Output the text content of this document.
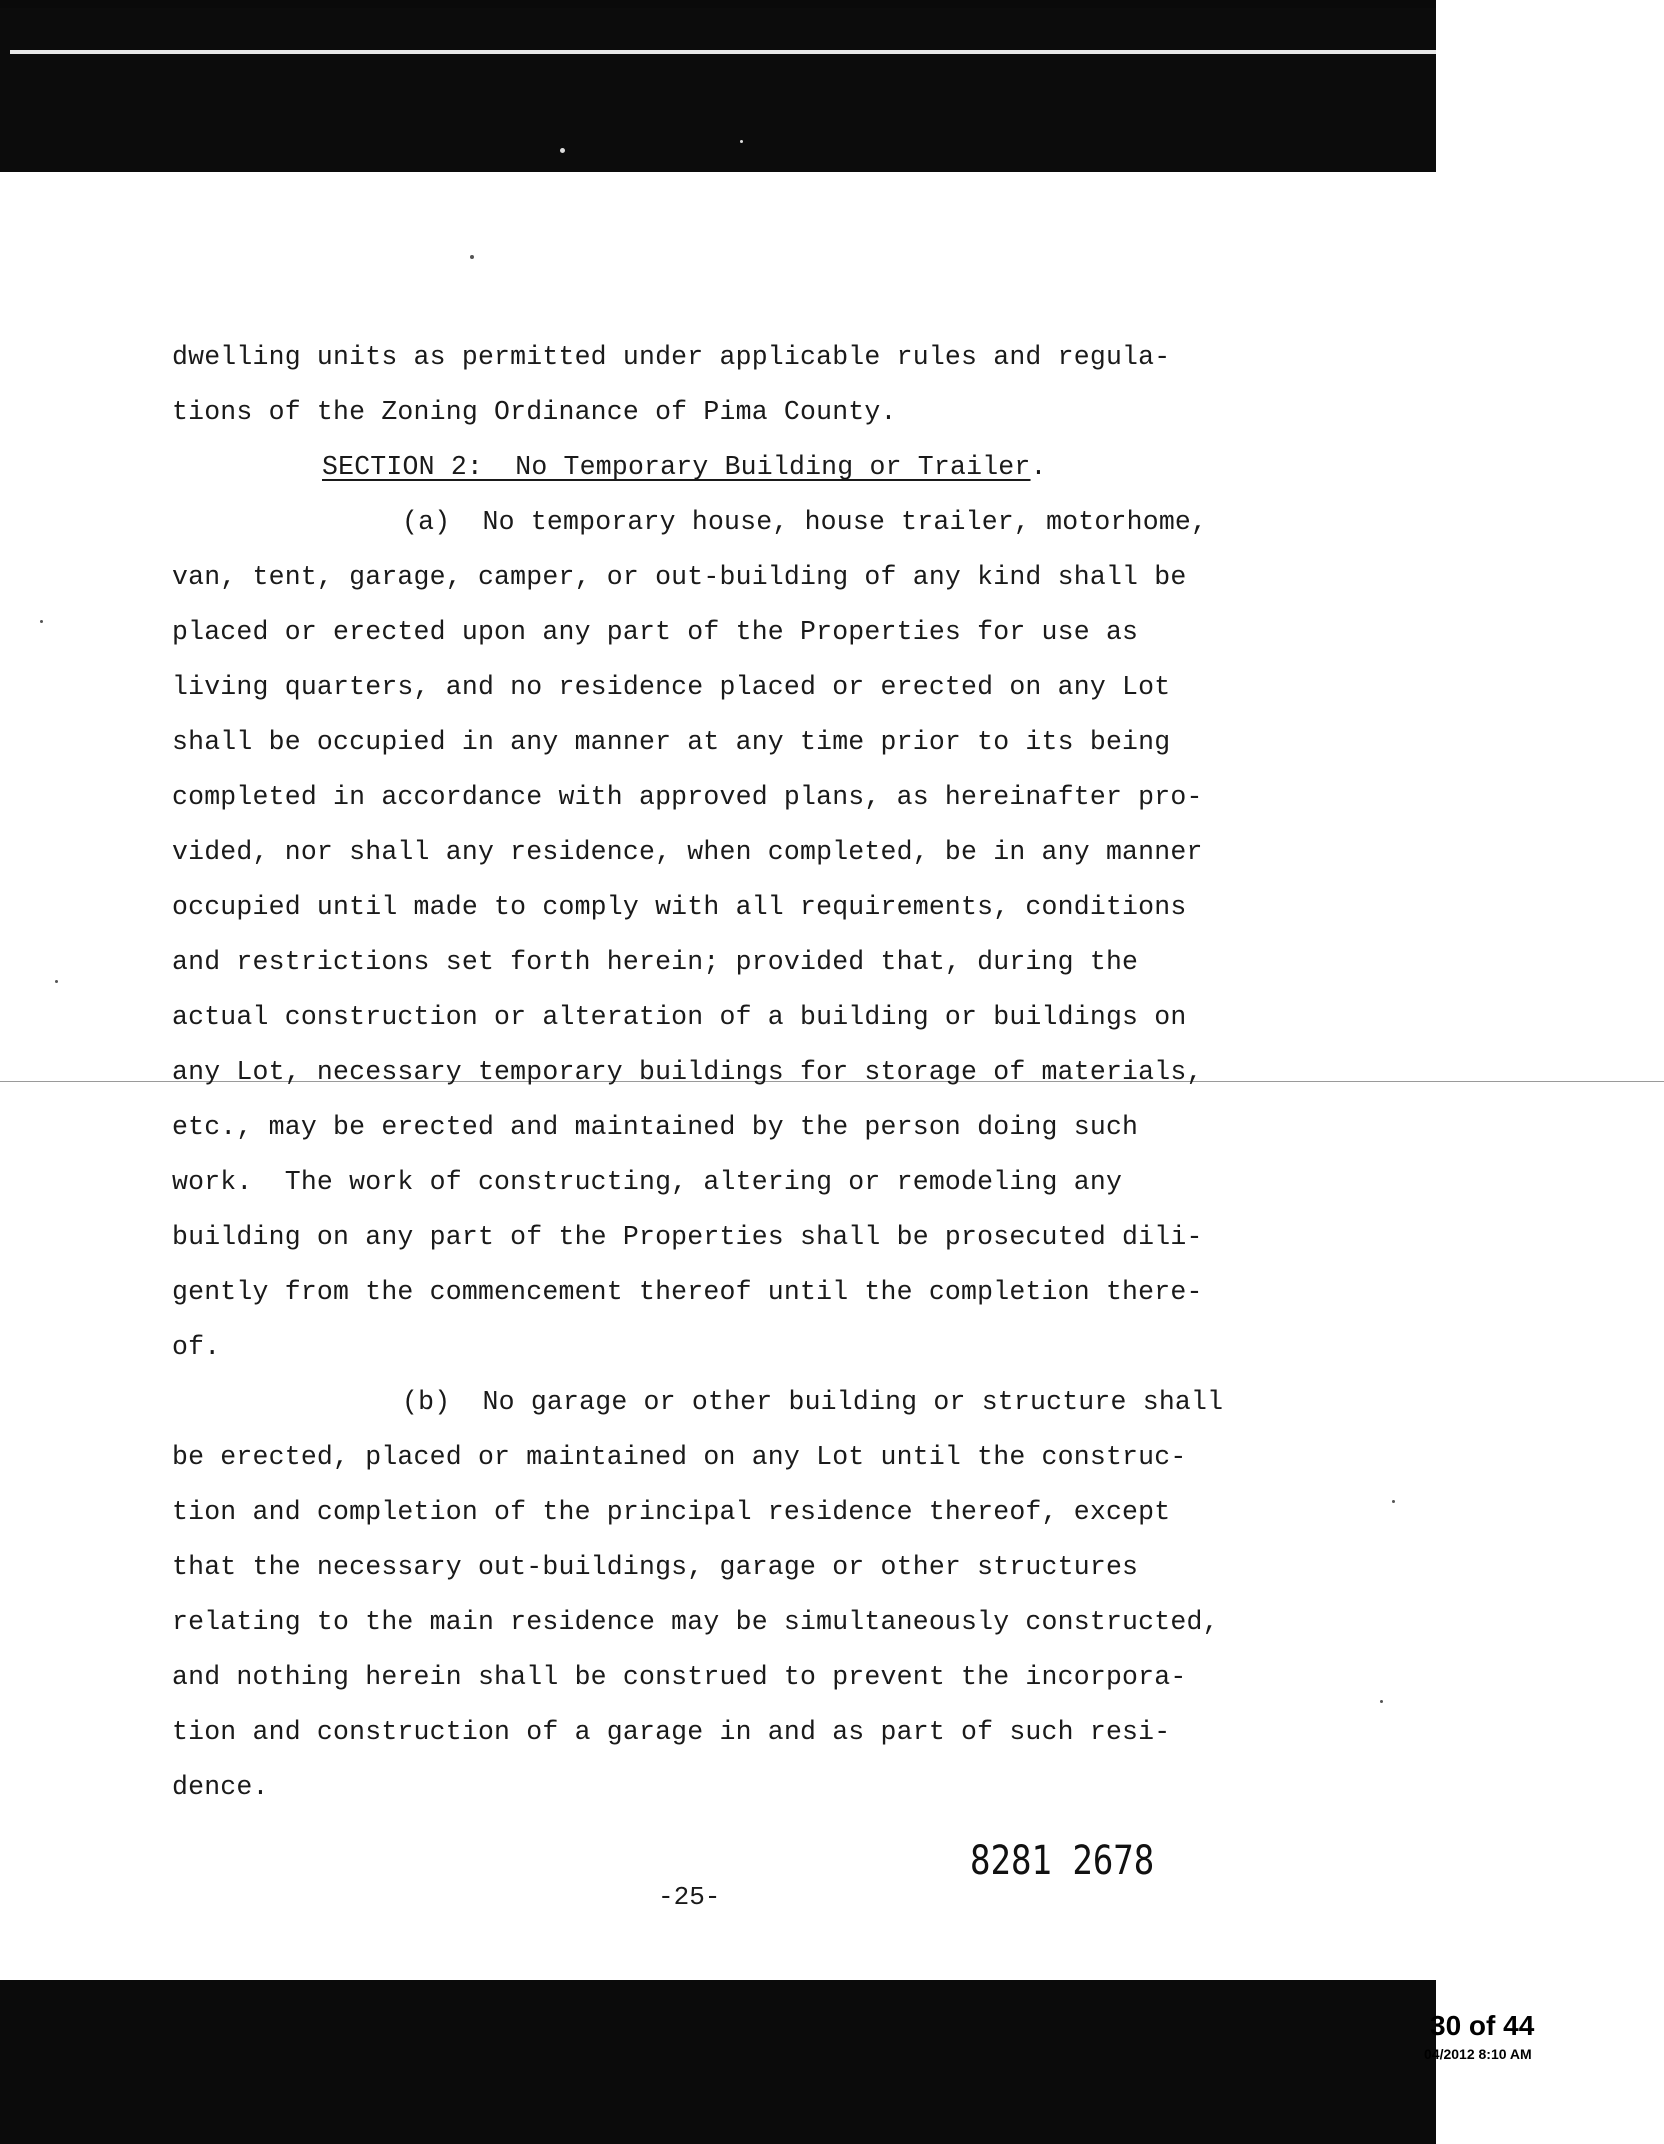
dwelling units as permitted under applicable rules and regula-
tions of the Zoning Ordinance of Pima County.
SECTION 2:  No Temporary Building or Trailer.
(a)  No temporary house, house trailer, motorhome,
van, tent, garage, camper, or out-building of any kind shall be
placed or erected upon any part of the Properties for use as
living quarters, and no residence placed or erected on any Lot
shall be occupied in any manner at any time prior to its being
completed in accordance with approved plans, as hereinafter pro-
vided, nor shall any residence, when completed, be in any manner
occupied until made to comply with all requirements, conditions
and restrictions set forth herein; provided that, during the
actual construction or alteration of a building or buildings on
any Lot, necessary temporary buildings for storage of materials,
etc., may be erected and maintained by the person doing such
work.  The work of constructing, altering or remodeling any
building on any part of the Properties shall be prosecuted dili-
gently from the commencement thereof until the completion there-
of.
(b)  No garage or other building or structure shall
be erected, placed or maintained on any Lot until the construc-
tion and completion of the principal residence thereof, except
that the necessary out-buildings, garage or other structures
relating to the main residence may be simultaneously constructed,
and nothing herein shall be construed to prevent the incorpora-
tion and construction of a garage in and as part of such resi-
dence.
8281 2678
-25-
30 of 44
04/2012 8:10 AM
